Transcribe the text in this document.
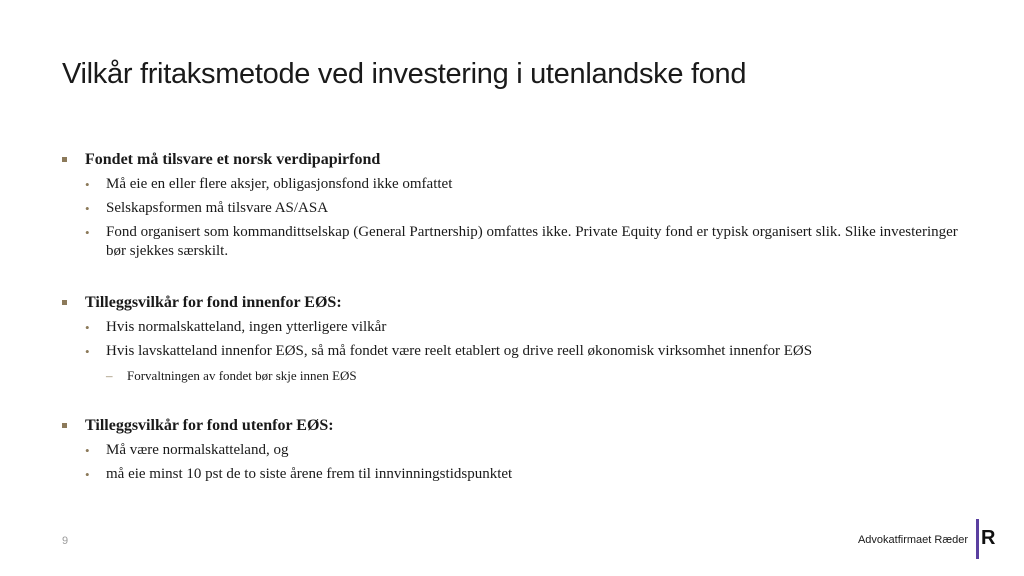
Vilkår fritaksmetode ved investering i utenlandske fond
Fondet må tilsvare et norsk verdipapirfond
• Må eie en eller flere aksjer, obligasjonsfond ikke omfattet
• Selskapsformen må tilsvare AS/ASA
• Fond organisert som kommandittselskap (General Partnership) omfattes ikke. Private Equity fond er typisk organisert slik. Slike investeringer bør sjekkes særskilt.
Tilleggsvilkår for fond innenfor EØS:
• Hvis normalskatteland, ingen ytterligere vilkår
• Hvis lavskatteland innenfor EØS, så må fondet være reelt etablert og drive reell økonomisk virksomhet innenfor EØS
– Forvaltningen av fondet bør skje innen EØS
Tilleggsvilkår for fond utenfor EØS:
• Må være normalskatteland, og
• må eie minst 10 pst de to siste årene frem til innvinningstidspunktet
9	Advokatfirmaet Ræder R
